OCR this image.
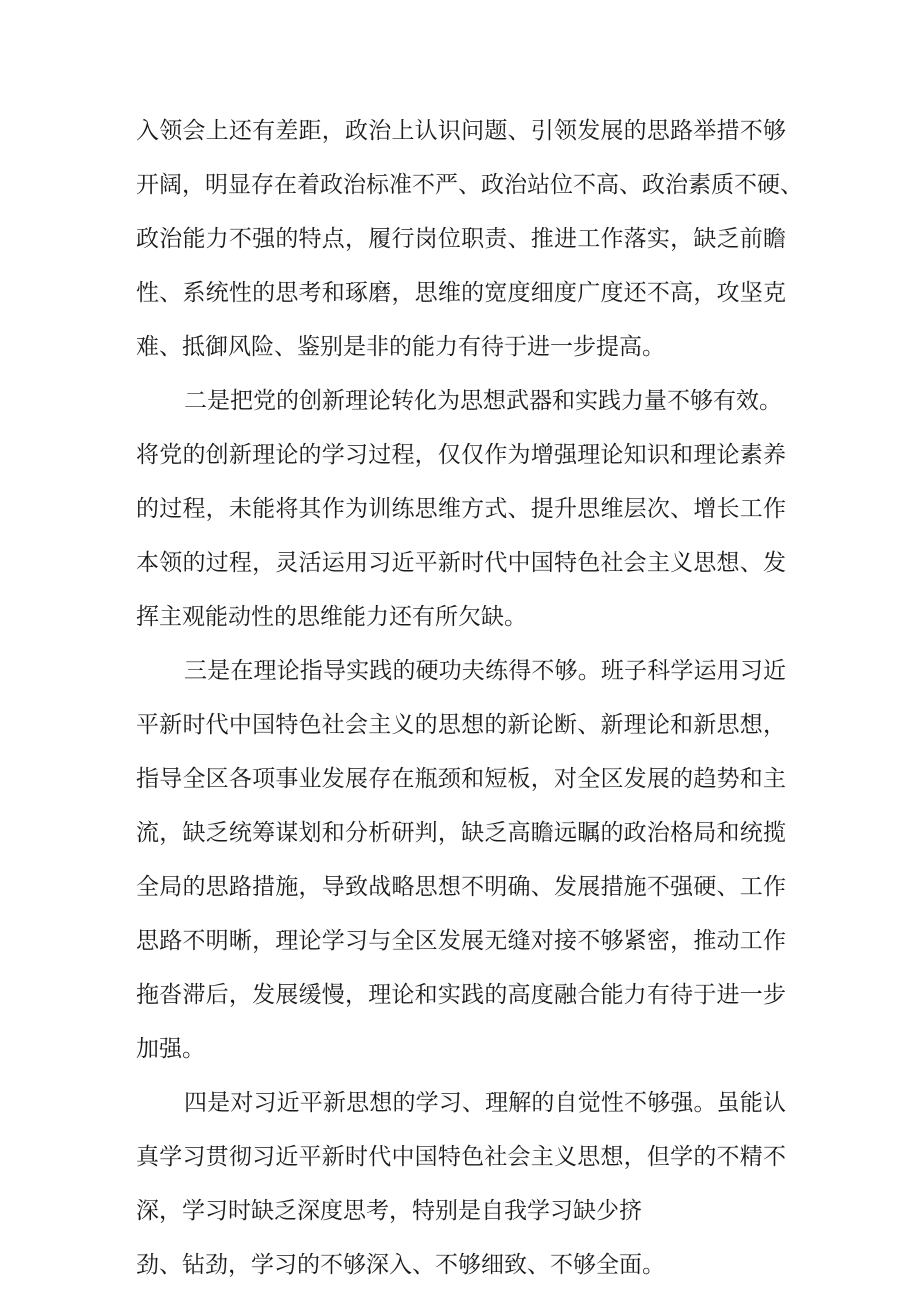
入领会上还有差距，政治上认识问题、引领发展的思路举措不够
开阔，明显存在着政治标准不严、政治站位不高、政治素质不硬、
政治能力不强的特点，履行岗位职责、推进工作落实，缺乏前瞻
性、系统性的思考和琢磨，思维的宽度细度广度还不高，攻坚克
难、抵御风险、鉴别是非的能力有待于进一步提高。
二是把党的创新理论转化为思想武器和实践力量不够有效。
将党的创新理论的学习过程，仅仅作为增强理论知识和理论素养
的过程，未能将其作为训练思维方式、提升思维层次、增长工作
本领的过程，灵活运用习近平新时代中国特色社会主义思想、发
挥主观能动性的思维能力还有所欠缺。
三是在理论指导实践的硬功夫练得不够。班子科学运用习近
平新时代中国特色社会主义的思想的新论断、新理论和新思想，
指导全区各项事业发展存在瓶颈和短板，对全区发展的趋势和主
流，缺乏统筹谋划和分析研判，缺乏高瞻远瞩的政治格局和统揽
全局的思路措施，导致战略思想不明确、发展措施不强硬、工作
思路不明晰，理论学习与全区发展无缝对接不够紧密，推动工作
拖沓滞后，发展缓慢，理论和实践的高度融合能力有待于进一步
加强。
四是对习近平新思想的学习、理解的自觉性不够强。虽能认
真学习贯彻习近平新时代中国特色社会主义思想，但学的不精不
深，学习时缺乏深度思考，特别是自我学习缺少挤
劲、钻劲，学习的不够深入、不够细致、不够全面。
